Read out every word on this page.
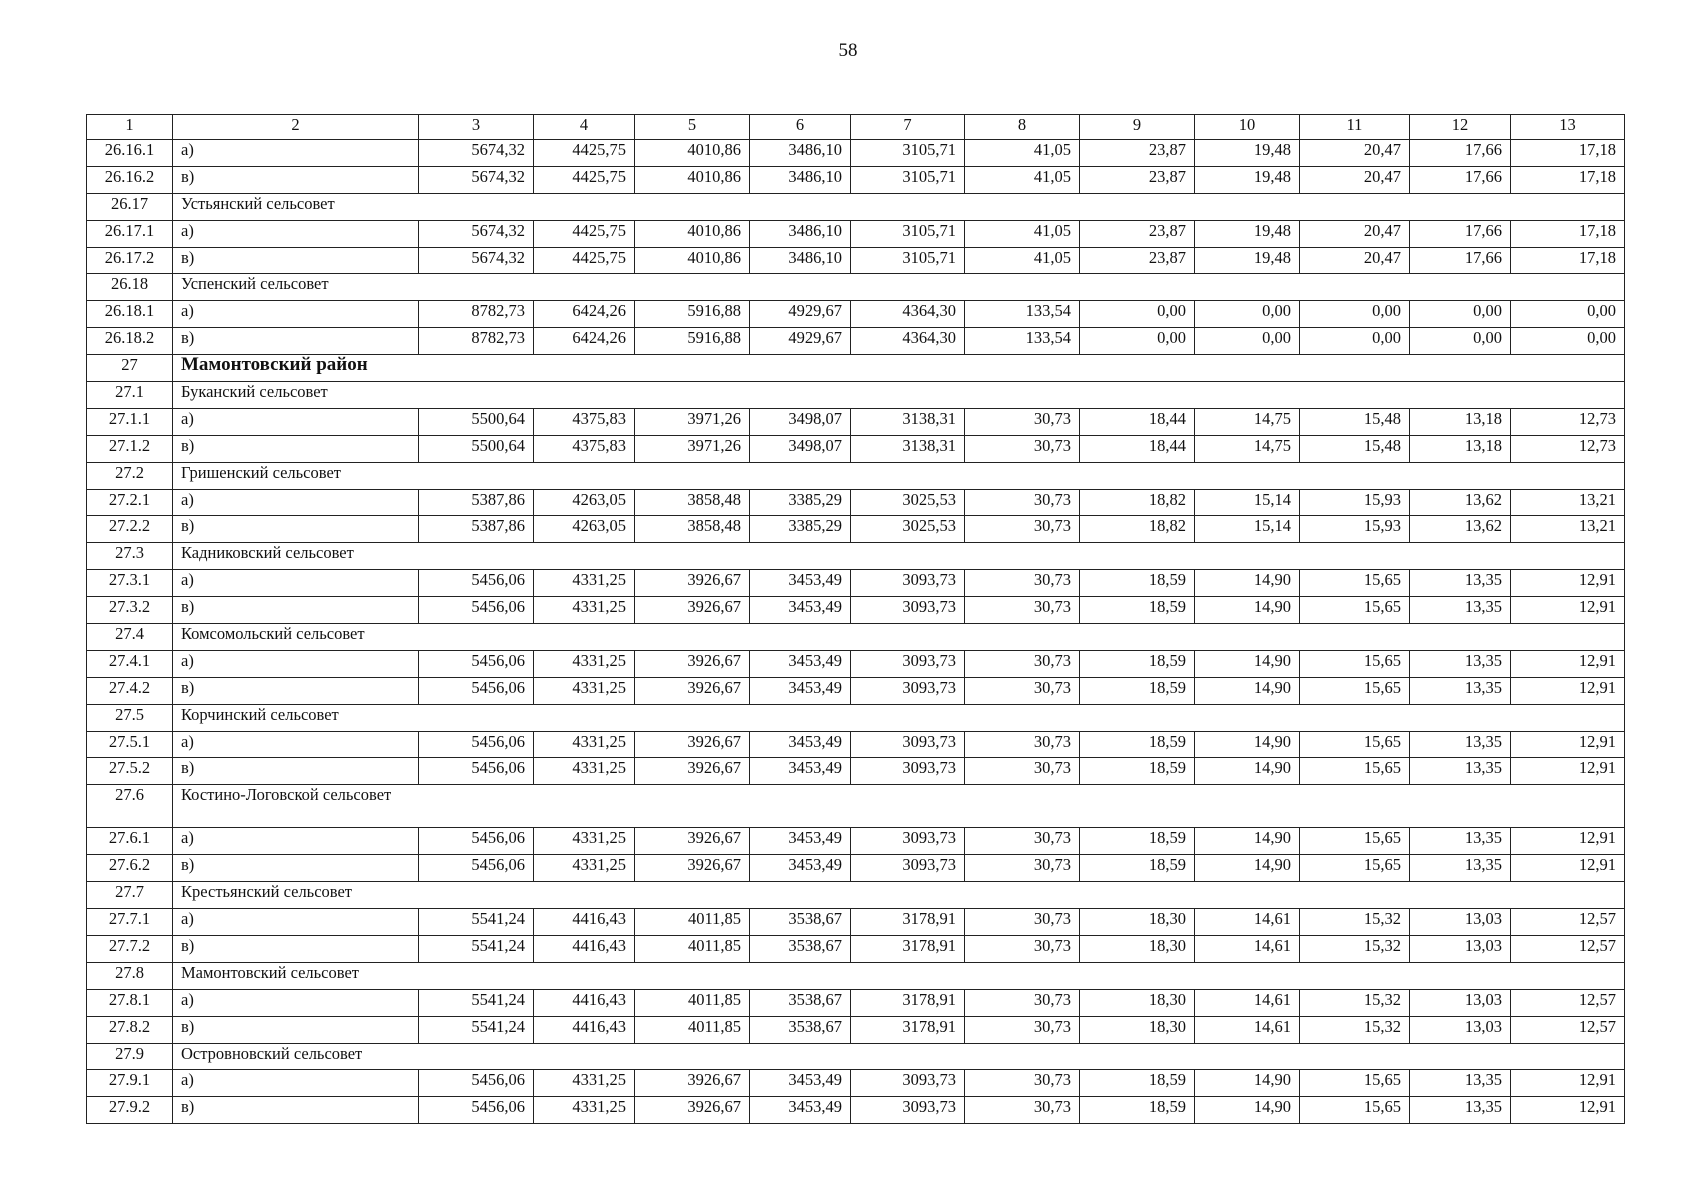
58
1	2	3	4	5	6	7	8	9	10	11	12	13
26.16.1	а)	5674,32	4425,75	4010,86	3486,10	3105,71	41,05	23,87	19,48	20,47	17,66	17,18
26.16.2	в)	5674,32	4425,75	4010,86	3486,10	3105,71	41,05	23,87	19,48	20,47	17,66	17,18
26.17	Устьянский сельсовет											
26.17.1	а)	5674,32	4425,75	4010,86	3486,10	3105,71	41,05	23,87	19,48	20,47	17,66	17,18
26.17.2	в)	5674,32	4425,75	4010,86	3486,10	3105,71	41,05	23,87	19,48	20,47	17,66	17,18
26.18	Успенский сельсовет											
26.18.1	а)	8782,73	6424,26	5916,88	4929,67	4364,30	133,54	0,00	0,00	0,00	0,00	0,00
26.18.2	в)	8782,73	6424,26	5916,88	4929,67	4364,30	133,54	0,00	0,00	0,00	0,00	0,00
27	Мамонтовский район											
27.1	Буканский сельсовет											
27.1.1	а)	5500,64	4375,83	3971,26	3498,07	3138,31	30,73	18,44	14,75	15,48	13,18	12,73
27.1.2	в)	5500,64	4375,83	3971,26	3498,07	3138,31	30,73	18,44	14,75	15,48	13,18	12,73
27.2	Гришенский сельсовет											
27.2.1	а)	5387,86	4263,05	3858,48	3385,29	3025,53	30,73	18,82	15,14	15,93	13,62	13,21
27.2.2	в)	5387,86	4263,05	3858,48	3385,29	3025,53	30,73	18,82	15,14	15,93	13,62	13,21
27.3	Кадниковский сельсовет											
27.3.1	а)	5456,06	4331,25	3926,67	3453,49	3093,73	30,73	18,59	14,90	15,65	13,35	12,91
27.3.2	в)	5456,06	4331,25	3926,67	3453,49	3093,73	30,73	18,59	14,90	15,65	13,35	12,91
27.4	Комсомольский сельсовет											
27.4.1	а)	5456,06	4331,25	3926,67	3453,49	3093,73	30,73	18,59	14,90	15,65	13,35	12,91
27.4.2	в)	5456,06	4331,25	3926,67	3453,49	3093,73	30,73	18,59	14,90	15,65	13,35	12,91
27.5	Корчинский сельсовет											
27.5.1	а)	5456,06	4331,25	3926,67	3453,49	3093,73	30,73	18,59	14,90	15,65	13,35	12,91
27.5.2	в)	5456,06	4331,25	3926,67	3453,49	3093,73	30,73	18,59	14,90	15,65	13,35	12,91
27.6	Костино-Логовской сельсовет											
27.6.1	а)	5456,06	4331,25	3926,67	3453,49	3093,73	30,73	18,59	14,90	15,65	13,35	12,91
27.6.2	в)	5456,06	4331,25	3926,67	3453,49	3093,73	30,73	18,59	14,90	15,65	13,35	12,91
27.7	Крестьянский сельсовет											
27.7.1	а)	5541,24	4416,43	4011,85	3538,67	3178,91	30,73	18,30	14,61	15,32	13,03	12,57
27.7.2	в)	5541,24	4416,43	4011,85	3538,67	3178,91	30,73	18,30	14,61	15,32	13,03	12,57
27.8	Мамонтовский сельсовет											
27.8.1	а)	5541,24	4416,43	4011,85	3538,67	3178,91	30,73	18,30	14,61	15,32	13,03	12,57
27.8.2	в)	5541,24	4416,43	4011,85	3538,67	3178,91	30,73	18,30	14,61	15,32	13,03	12,57
27.9	Островновский сельсовет											
27.9.1	а)	5456,06	4331,25	3926,67	3453,49	3093,73	30,73	18,59	14,90	15,65	13,35	12,91
27.9.2	в)	5456,06	4331,25	3926,67	3453,49	3093,73	30,73	18,59	14,90	15,65	13,35	12,91
